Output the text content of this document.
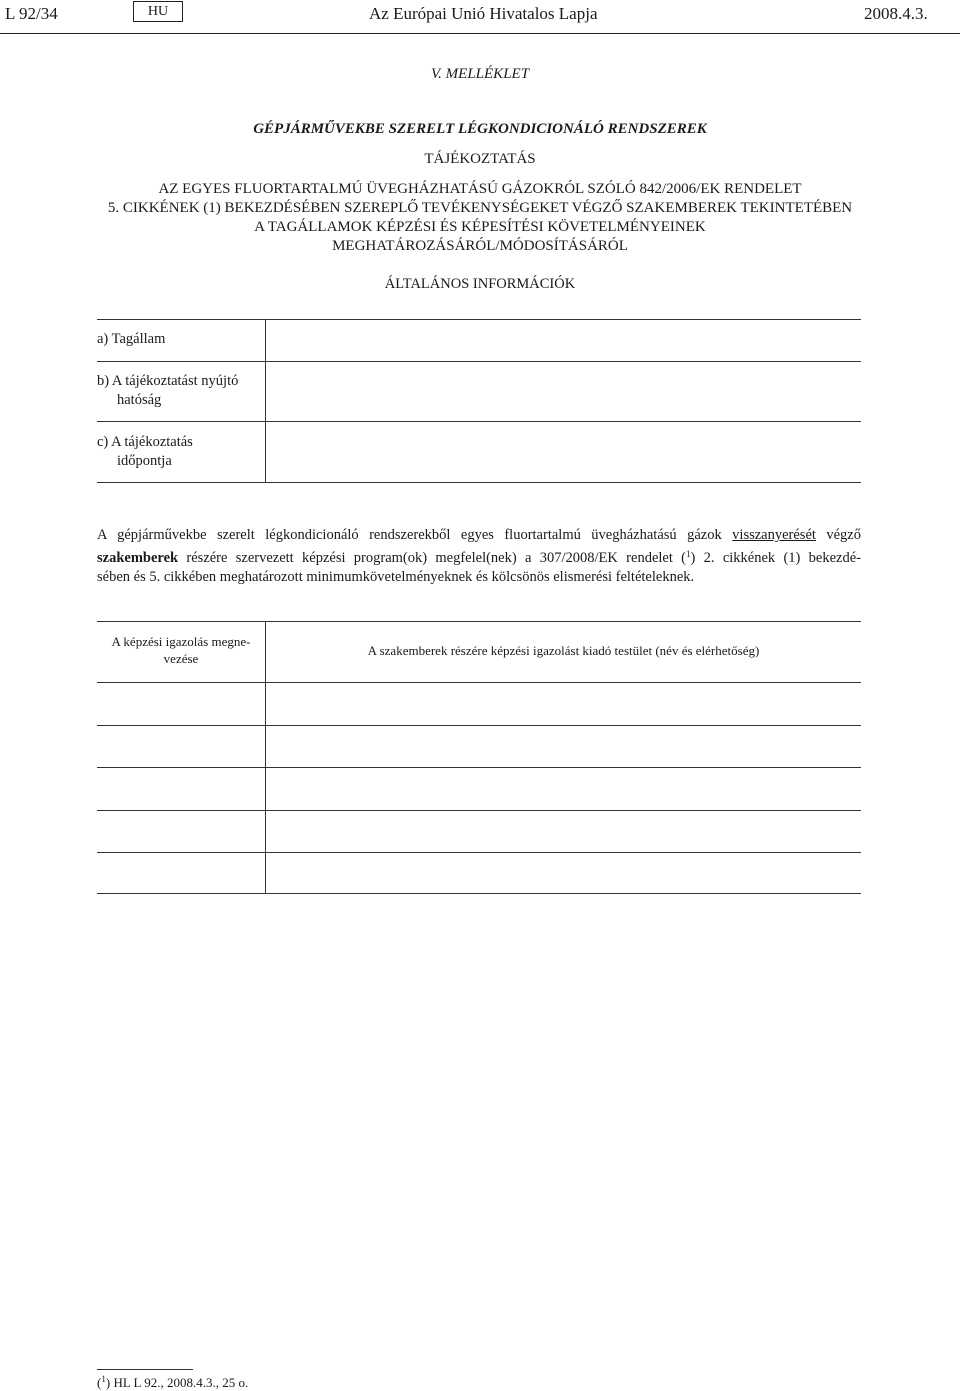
L 92/34	HU	Az Európai Unió Hivatalos Lapja	2008.4.3.
V. MELLÉKLET
GÉPJÁRMŰVEKBE SZERELT LÉGKONDICIONÁLÓ RENDSZEREK
TÁJÉKOZTATÁS
AZ EGYES FLUORTARTALMÚ ÜVEGHÁZHATÁSÚ GÁZOKRÓL SZÓLÓ 842/2006/EK RENDELET
5. CIKKÉNEK (1) BEKEZDÉSÉBEN SZEREPLŐ TEVÉKENYSÉGEKET VÉGZŐ SZAKEMBEREK TEKINTETÉBEN
A TAGÁLLAMOK KÉPZÉSI ÉS KÉPESÍTÉSI KÖVETELMÉNYEINEK
MEGHATÁROZÁSÁRÓL/MÓDOSÍTÁSÁRÓL
ÁLTALÁNOS INFORMÁCIÓK
a) Tagállam
b) A tájékoztatást nyújtó
hatóság
c) A tájékoztatás
időpontja
A gépjárművekbe szerelt légkondicionáló rendszerekből egyes fluortartalmú üvegházhatású gázok visszanyerését végző
szakemberek részére szervezett képzési program(ok) megfelel(nek) a 307/2008/EK rendelet ($^1$) 2. cikkének (1) bekezdé-
sében és 5. cikkében meghatározott minimumkövetelményeknek és kölcsönös elismerési feltételeknek.
A képzési igazolás megne-
vezése
A szakemberek részére képzési igazolást kiadó testület (név és elérhetőség)
($^1$) HL L 92., 2008.4.3., 25 o.
